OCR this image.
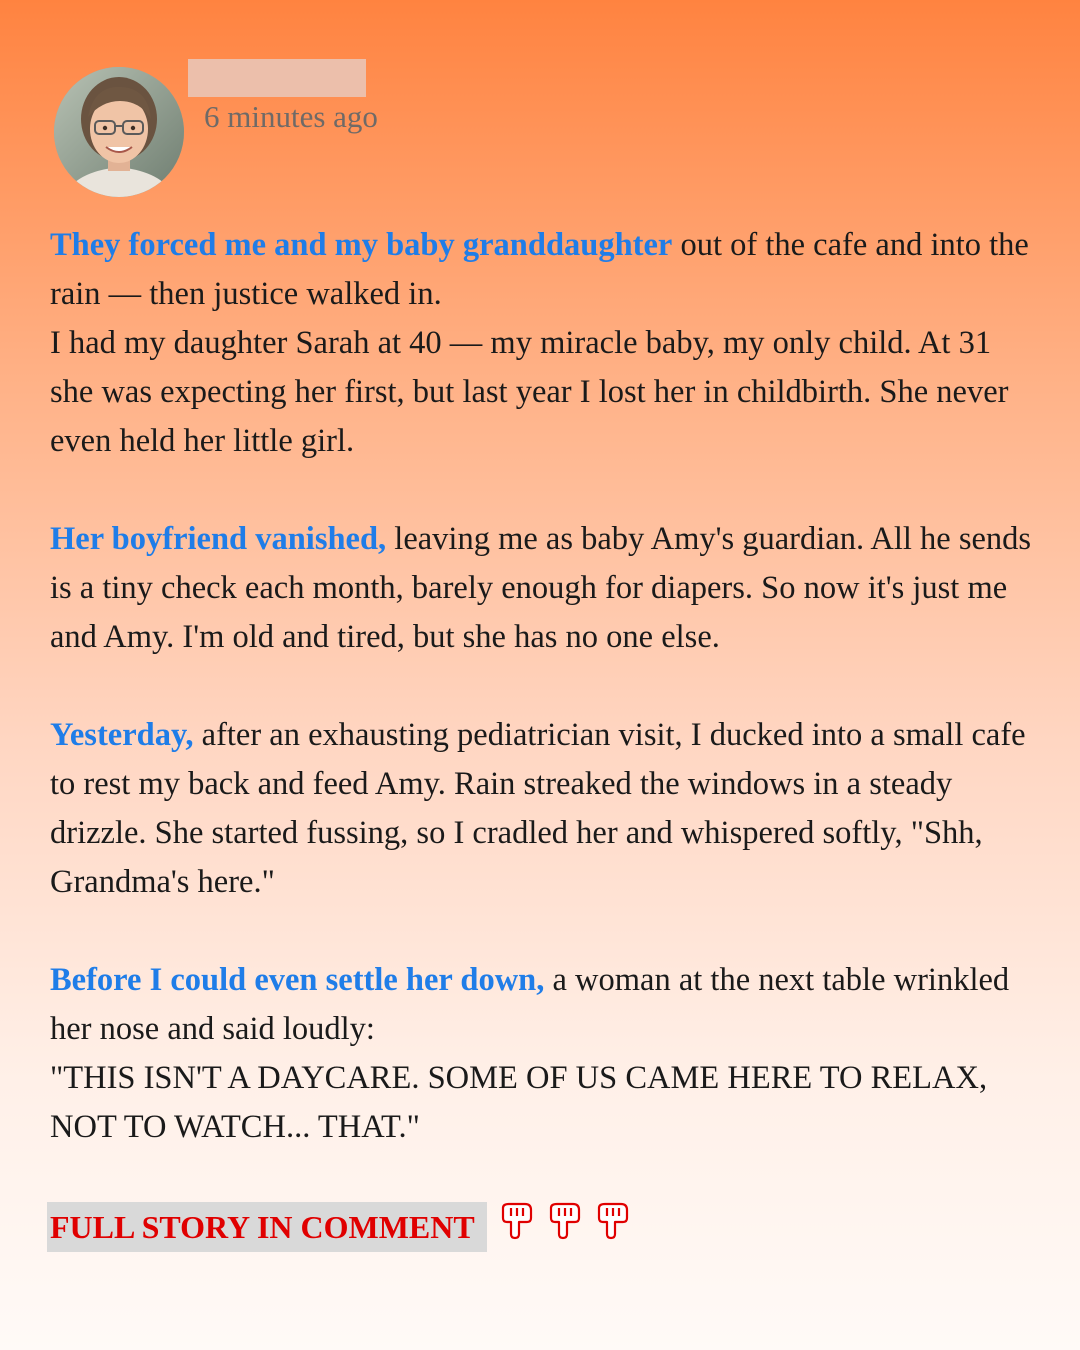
6 minutes ago

They forced me and my baby granddaughter out of the cafe and into the rain — then justice walked in.
I had my daughter Sarah at 40 — my miracle baby, my only child. At 31 she was expecting her first, but last year I lost her in childbirth. She never even held her little girl.

Her boyfriend vanished, leaving me as baby Amy's guardian. All he sends is a tiny check each month, barely enough for diapers. So now it's just me and Amy. I'm old and tired, but she has no one else.

Yesterday, after an exhausting pediatrician visit, I ducked into a small cafe to rest my back and feed Amy. Rain streaked the windows in a steady drizzle. She started fussing, so I cradled her and whispered softly, "Shh, Grandma's here."

Before I could even settle her down, a woman at the next table wrinkled her nose and said loudly:
"THIS ISN'T A DAYCARE. SOME OF US CAME HERE TO RELAX, NOT TO WATCH... THAT."

FULL STORY IN COMMENT
